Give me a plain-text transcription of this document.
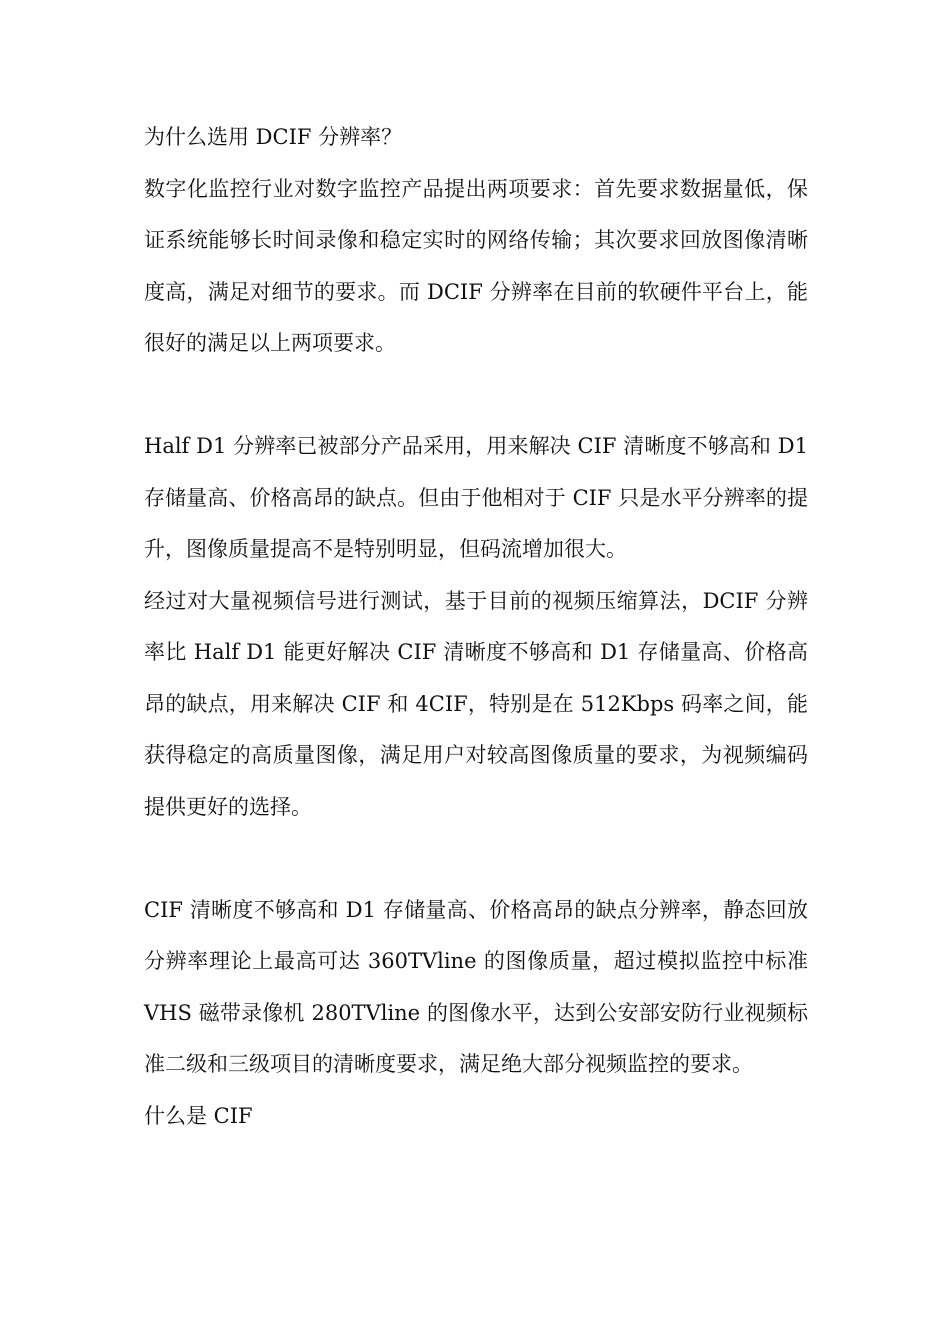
为什么选用 DCIF 分辨率？

数字化监控行业对数字监控产品提出两项要求：首先要求数据量低，保证系统能够长时间录像和稳定实时的网络传输；其次要求回放图像清晰度高，满足对细节的要求。而 DCIF 分辨率在目前的软硬件平台上，能很好的满足以上两项要求。

Half D1 分辨率已被部分产品采用，用来解决 CIF 清晰度不够高和 D1 存储量高、价格高昂的缺点。但由于他相对于 CIF 只是水平分辨率的提升，图像质量提高不是特别明显，但码流增加很大。

经过对大量视频信号进行测试，基于目前的视频压缩算法，DCIF 分辨率比 Half D1 能更好解决 CIF 清晰度不够高和 D1 存储量高、价格高昂的缺点，用来解决 CIF 和 4CIF，特别是在 512Kbps 码率之间，能获得稳定的高质量图像，满足用户对较高图像质量的要求，为视频编码提供更好的选择。

CIF 清晰度不够高和 D1 存储量高、价格高昂的缺点分辨率，静态回放分辨率理论上最高可达 360TVline 的图像质量，超过模拟监控中标准 VHS 磁带录像机 280TVline 的图像水平，达到公安部安防行业视频标准二级和三级项目的清晰度要求，满足绝大部分视频监控的要求。

什么是 CIF
